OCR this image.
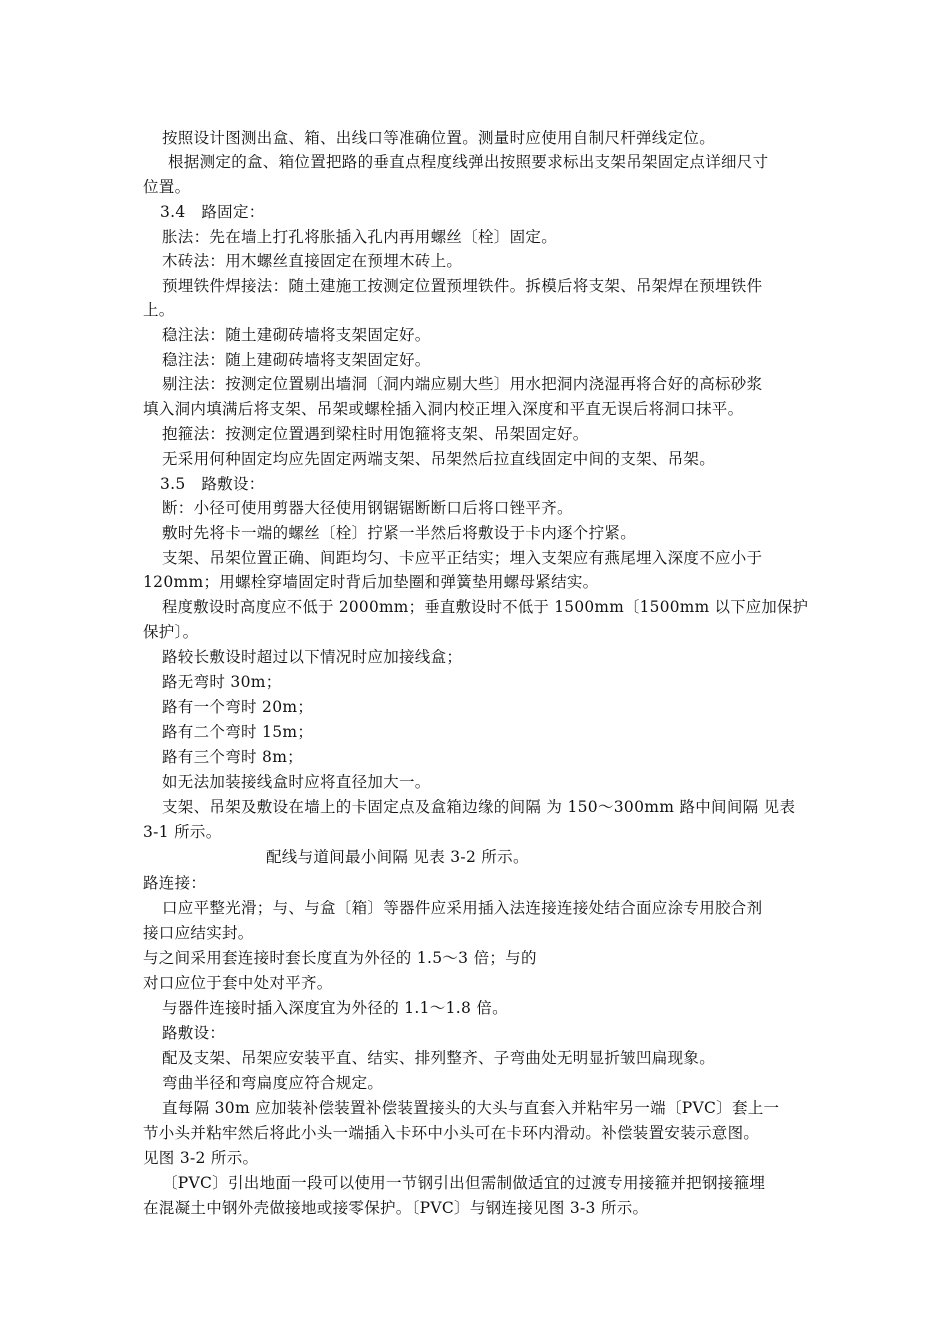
按照设计图测出盒、箱、出线口等准确位置。测量时应使用自制尺杆弹线定位。
根据测定的盒、箱位置把路的垂直点程度线弹出按照要求标出支架吊架固定点详细尺寸
位置。
3.4　路固定：
胀法：先在墙上打孔将胀插入孔内再用螺丝〔栓〕固定。
木砖法：用木螺丝直接固定在预埋木砖上。
预埋铁件焊接法：随土建施工按测定位置预埋铁件。拆模后将支架、吊架焊在预埋铁件
上。
稳注法：随土建砌砖墙将支架固定好。
稳注法：随上建砌砖墙将支架固定好。
剔注法：按测定位置剔出墙洞〔洞内端应剔大些〕用水把洞内浇湿再将合好的高标砂浆
填入洞内填满后将支架、吊架或螺栓插入洞内校正埋入深度和平直无误后将洞口抹平。
抱箍法：按测定位置遇到梁柱时用饱箍将支架、吊架固定好。
无采用何种固定均应先固定两端支架、吊架然后拉直线固定中间的支架、吊架。
3.5　路敷设：
断：小径可使用剪器大径使用钢锯锯断断口后将口锉平齐。
敷时先将卡一端的螺丝〔栓〕拧紧一半然后将敷设于卡内逐个拧紧。
支架、吊架位置正确、间距均匀、卡应平正结实；埋入支架应有燕尾埋入深度不应小于
120mm；用螺栓穿墙固定时背后加垫圈和弹簧垫用螺母紧结实。
程度敷设时高度应不低于 2000mm；垂直敷设时不低于 1500mm〔1500mm 以下应加保护
保护〕。
路较长敷设时超过以下情况时应加接线盒；
路无弯时 30m；
路有一个弯时 20m；
路有二个弯时 15m；
路有三个弯时 8m；
如无法加装接线盒时应将直径加大一。
支架、吊架及敷设在墙上的卡固定点及盒箱边缘的间隔 为 150～300mm 路中间间隔 见表
3-1 所示。
配线与道间最小间隔 见表 3-2 所示。
路连接：
口应平整光滑；与、与盒〔箱〕等器件应采用插入法连接连接处结合面应涂专用胶合剂
接口应结实封。
与之间采用套连接时套长度直为外径的 1.5～3 倍；与的
对口应位于套中处对平齐。
与器件连接时插入深度宜为外径的 1.1～1.8 倍。
路敷设：
配及支架、吊架应安装平直、结实、排列整齐、子弯曲处无明显折皱凹扁现象。
弯曲半径和弯扁度应符合规定。
直每隔 30m 应加装补偿装置补偿装置接头的大头与直套入并粘牢另一端〔PVC〕套上一
节小头并粘牢然后将此小头一端插入卡环中小头可在卡环内滑动。补偿装置安装示意图。
见图 3-2 所示。
〔PVC〕引出地面一段可以使用一节钢引出但需制做适宜的过渡专用接箍并把钢接箍埋
在混凝土中钢外壳做接地或接零保护。〔PVC〕与钢连接见图 3-3 所示。
